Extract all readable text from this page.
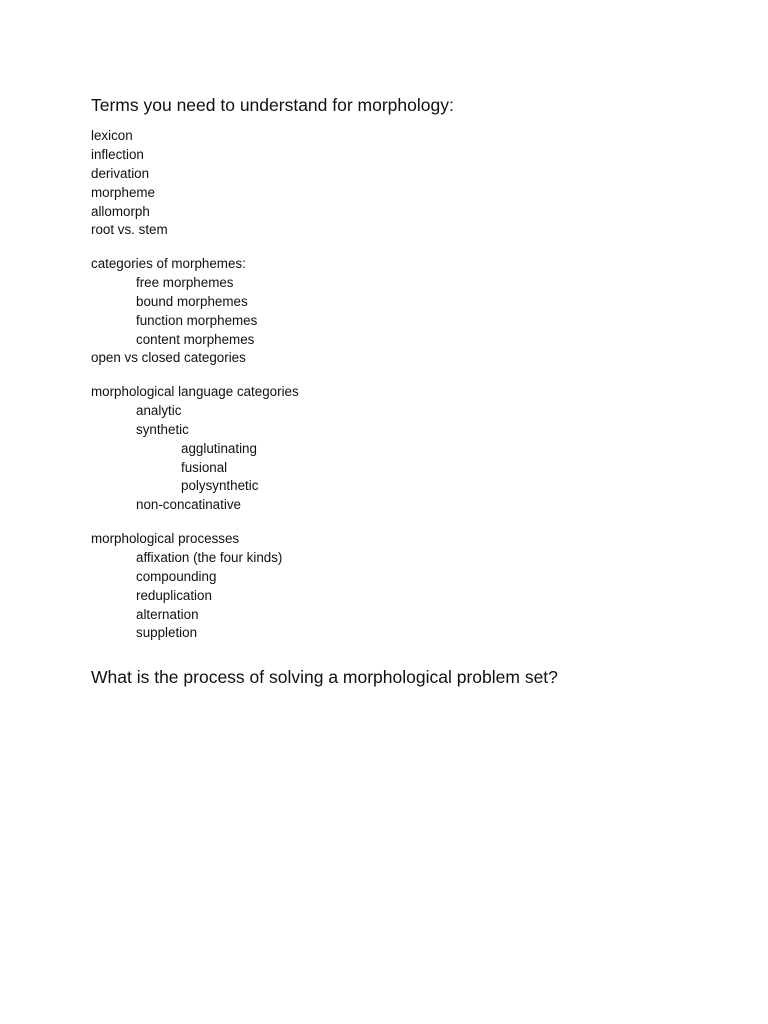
Terms you need to understand for morphology:
lexicon
inflection
derivation
morpheme
allomorph
root vs. stem
categories of morphemes:
free morphemes
bound morphemes
function morphemes
content morphemes
open vs closed categories
morphological language categories
analytic
synthetic
agglutinating
fusional
polysynthetic
non-concatinative
morphological processes
affixation (the four kinds)
compounding
reduplication
alternation
suppletion
What is the process of solving a morphological problem set?
